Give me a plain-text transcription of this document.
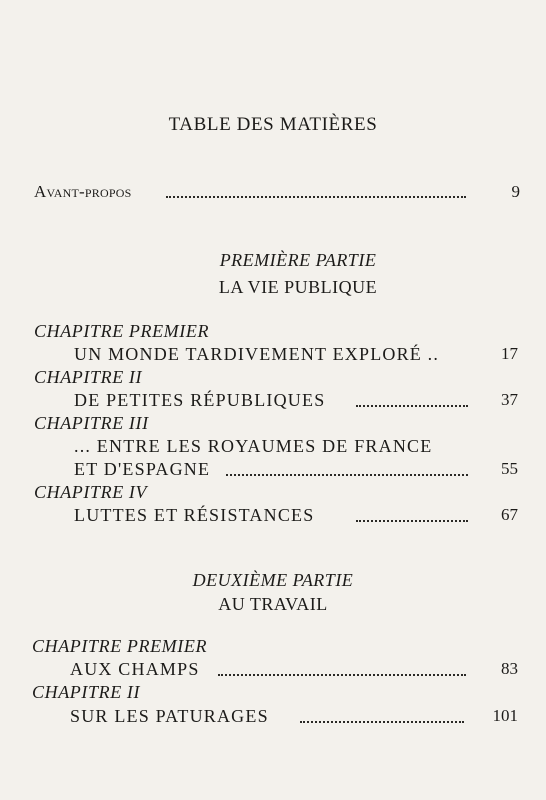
TABLE DES MATIÈRES
Avant-propos	9
PREMIÈRE PARTIE
LA VIE PUBLIQUE
CHAPITRE PREMIER
UN MONDE TARDIVEMENT EXPLORÉ ..	17
CHAPITRE II
DE PETITES RÉPUBLIQUES	37
CHAPITRE III
... ENTRE LES ROYAUMES DE FRANCE
ET D'ESPAGNE	55
CHAPITRE IV
LUTTES ET RÉSISTANCES	67
DEUXIÈME PARTIE
AU TRAVAIL
CHAPITRE PREMIER
AUX CHAMPS	83
CHAPITRE II
SUR LES PATURAGES	101
